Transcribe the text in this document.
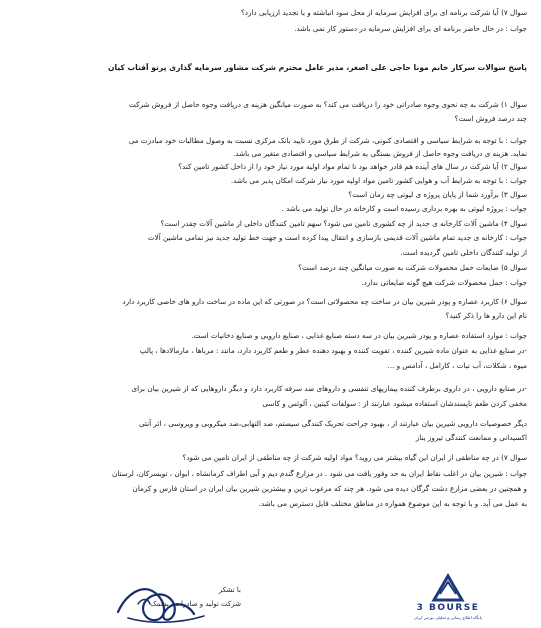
سوال ۷) آیا شرکت برنامه ای برای افزایش سرمایه از محل سود انباشته و یا تجدید ارزیابی دارد؟
جواب : در حال حاضر برنامه ای برای افزایش سرمایه در دستور کار نمی باشد.
پاسخ سوالات سرکار خانم مونا حاجی علی اصغر، مدیر عامل محترم شرکت مشاور سرمایه گذاری پرتو آفتاب کیان
سوال ۱) شرکت به چه نحوی وجوه صادراتی خود را دریافت می کند؟ به صورت میانگین هزینه ی دریافت وجوه حاصل از فروش شرکت
چند درصد فروش است؟
جواب : با توجه به شرایط سیاسی و اقتصادی کنونی، شرکت از طرق مورد تایید بانک مرکزی نسبت به وصول مطالبات خود مبادرت می
نماید. هزینه ی دریافت وجوه حاصل از فروش بستگی به شرایط سیاسی و اقتصادی متغیر می باشد.
سوال ۲) آیا شرکت در سال های آینده هم قادر خواهد بود تا تمام مواد اولیه مورد نیاز خود را از داخل کشور تامین کند؟
جواب : با توجه به شرایط آب و هوایی کشور تامین مواد اولیه مورد نیاز شرکت امکان پذیر می باشد.
سوال ۳) برآورد شما از پایان پروژه ی لیوتی چه زمان است؟
جواب : پروژه لیوتی به بهره برداری رسیده است و کارخانه در حال تولید می باشد .
سوال ۴) ماشین آلات کارخانه ی جدید از چه کشوری تامین می شود؟ سهم تامین کنندگان داخلی از ماشین آلات چقدر است؟
جواب : کارخانه ی جدید تمام ماشین آلات قدیمی بازسازی و انتقال پیدا کرده است و جهت خط تولید جدید نیز تمامی ماشین آلات
از تولید کنندگان داخلی تامین گردیده است.
سوال ۵) ضایعات حمل محصولات شرکت به صورت میانگین چند درصد است؟
جواب : حمل محصولات شرکت هیچ گونه ضایعاتی ندارد.
سوال ۶) کاربرد عصاره و پودر شیرین بیان در ساخت چه محصولاتی است؟ در صورتی که این ماده در ساخت دارو های خاصی کاربرد دارد
نام این دارو ها را ذکر کنید؟
جواب : موارد استفاده عصاره و پودر شیرین بیان در سه دسته صنایع غذایی ، صنایع دارویی و صنایع دخانیات است.
-در صنایع غذایی به عنوان ماده شیرین کننده ، تقویت کننده و بهبود دهنده عطر و طعم کاربرد دارد، مانند : مرباها ، مارمالادها ، پالپ
میوه ، شکلات، آب نبات ، کارامل ، آدامس و ...
-در صنایع دارویی ، در داروی برطرف کننده بیماریهای تنفسی و داروهای ضد سرفه کاربرد دارد و دیگر داروهایی که از شیرین بیان برای
مخفی کردن طعم ناپسندشان استفاده میشود عبارتند از : سولفات کینین ، آلوئس و کاسی
دیگر خصوصیات دارویی شیرین بیان عبارتند از ، بهبود جراحت تحریک کنندگی سیستم، ضد التهابی،ضد میکروبی و ویروسی ، اثر آنتی
اکسیدانی و ممانعت کنندگی تیروز یناز
سوال ۷) در چه مناطقی از ایران این گیاه بیشتر می روید؟ مواد اولیه شرکت از چه مناطقی از ایران تامین می شود؟
جواب : شیرین بیان در اغلب نقاط ایران به حد وفور یافت می شود . در مزارع گندم دیم و آبی اطراف کرمانشاه ، ایوان ، تویسرکان، لرستان
و همچنین در بعضی مزارع دشت گرگان دیده می شود. هر چند که مرغوب ترین و بیشترین شیرین بیان ایران در استان فارس و کرمان
به عمل می آید. و با توجه به این موضوع همواره در مناطق مختلف قابل دسترس می باشد.
با تشکر
شرکت تولید و صادرات ریشمک	3 BOURSE
پایگاه اطلاع رسانی و تحلیلی بورس ایران
